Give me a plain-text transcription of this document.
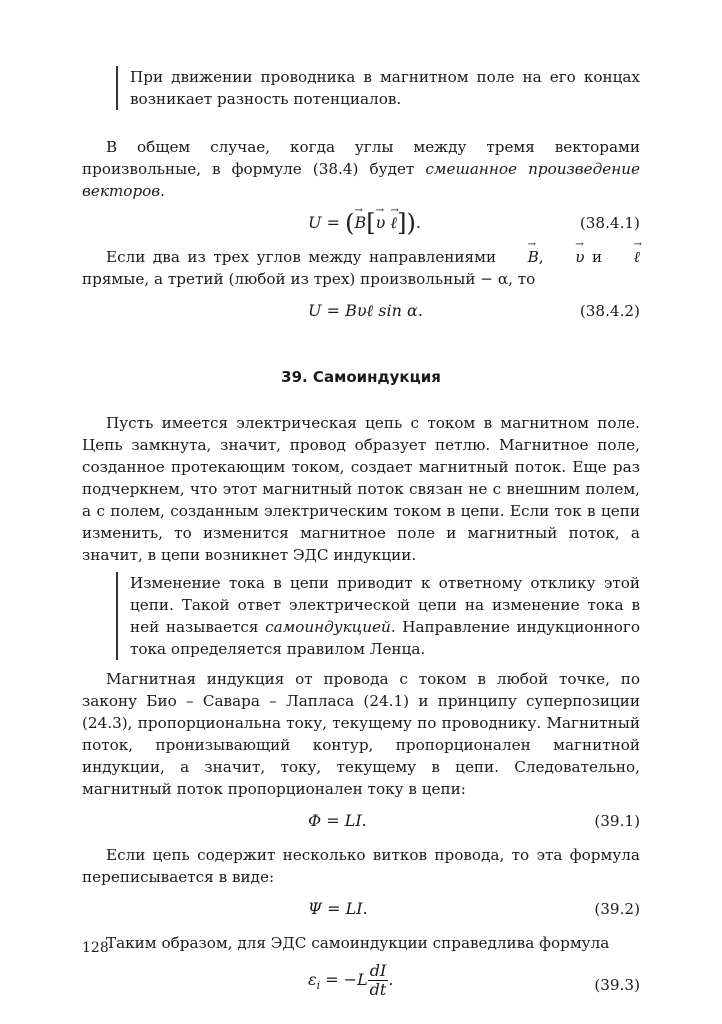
При движении проводника в магнитном поле на его концах возникает разность потенциалов.

В общем случае, когда углы между тремя векторами произвольные, в формуле (38.4) будет смешанное произведение векторов.

U = (→ B[→ υ → ℓ]).	(38.4.1)

Если два из трех углов между направлениями → B, → υ и → ℓ прямые, а третий (любой из трех) произвольный − α, то

U = Bυℓ sin α.	(38.4.2)
39. Самоиндукция

Пусть имеется электрическая цепь с током в магнитном поле. Цепь замкнута, значит, провод образует петлю. Магнитное поле, созданное протекающим током, создает магнитный поток. Еще раз подчеркнем, что этот магнитный поток связан не с внешним полем, а с полем, созданным электрическим током в цепи. Если ток в цепи изменить, то изменится магнитное поле и магнитный поток, а значит, в цепи возникнет ЭДС индукции.

Изменение тока в цепи приводит к ответному отклику этой цепи. Такой ответ электрической цепи на изменение тока в ней называется самоиндукцией. Направление индукционного тока определяется правилом Ленца.

Магнитная индукция от провода с током в любой точке, по закону Био – Савара – Лапласа (24.1) и принципу суперпозиции (24.3), пропорциональна току, текущему по проводнику. Магнитный поток, пронизывающий контур, пропорционален магнитной индукции, а значит, току, текущему в цепи. Следовательно, магнитный поток пропорционален току в цепи:

Φ = LI.	(39.1)

Если цепь содержит несколько витков провода, то эта формула переписывается в виде:

Ψ = LI.	(39.2)

Таким образом, для ЭДС самоиндукции справедлива формула

$\varepsilon_i = -L \frac{dI}{dt}$ .	(39.3)
128
